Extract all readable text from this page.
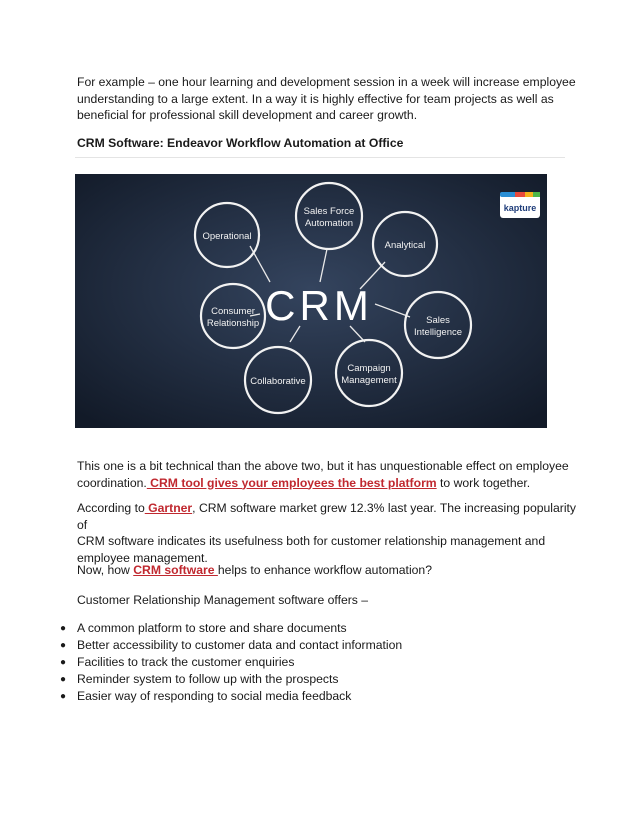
For example – one hour learning and development session in a week will increase employee
understanding to a large extent. In a way it is highly effective for team projects as well as
beneficial for professional skill development and career growth.

CRM Software: Endeavor Workflow Automation at Office

Operational
Sales Force
Automation
Analytical
Sales
Intelligence
Campaign
Management
Collaborative
Consumer
Relationship CRM
kapture

This one is a bit technical than the above two, but it has unquestionable effect on employee
coordination. CRM tool gives your employees the best platform to work together.

According to Gartner, CRM software market grew 12.3% last year. The increasing popularity of
CRM software indicates its usefulness both for customer relationship management and
employee management.

Now, how CRM software helps to enhance workflow automation?

Customer Relationship Management software offers –

● A common platform to store and share documents
● Better accessibility to customer data and contact information
● Facilities to track the customer enquiries
● Reminder system to follow up with the prospects
● Easier way of responding to social media feedback
